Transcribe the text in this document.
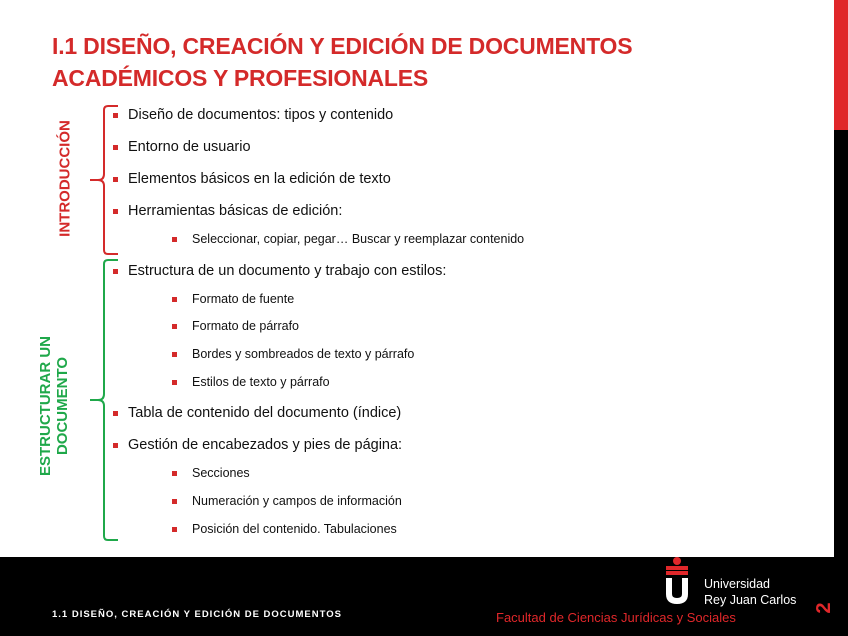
I.1 DISEÑO, CREACIÓN Y EDICIÓN DE DOCUMENTOS
ACADÉMICOS Y PROFESIONALES
INTRODUCCIÓN
ESTRUCTURAR UN DOCUMENTO
Diseño de documentos: tipos y contenido
Entorno de usuario
Elementos básicos en la edición de texto
Herramientas básicas de edición:
Seleccionar, copiar, pegar… Buscar y reemplazar contenido
Estructura de un documento y trabajo con estilos:
Formato de fuente
Formato de párrafo
Bordes y sombreados de texto y párrafo
Estilos de texto y párrafo
Tabla de contenido del documento (índice)
Gestión de encabezados y pies de página:
Secciones
Numeración y campos de información
Posición del contenido. Tabulaciones
1.1 DISEÑO, CREACIÓN Y EDICIÓN DE DOCUMENTOS	Facultad de Ciencias Jurídicas y Sociales
Universidad
Rey Juan Carlos
2
